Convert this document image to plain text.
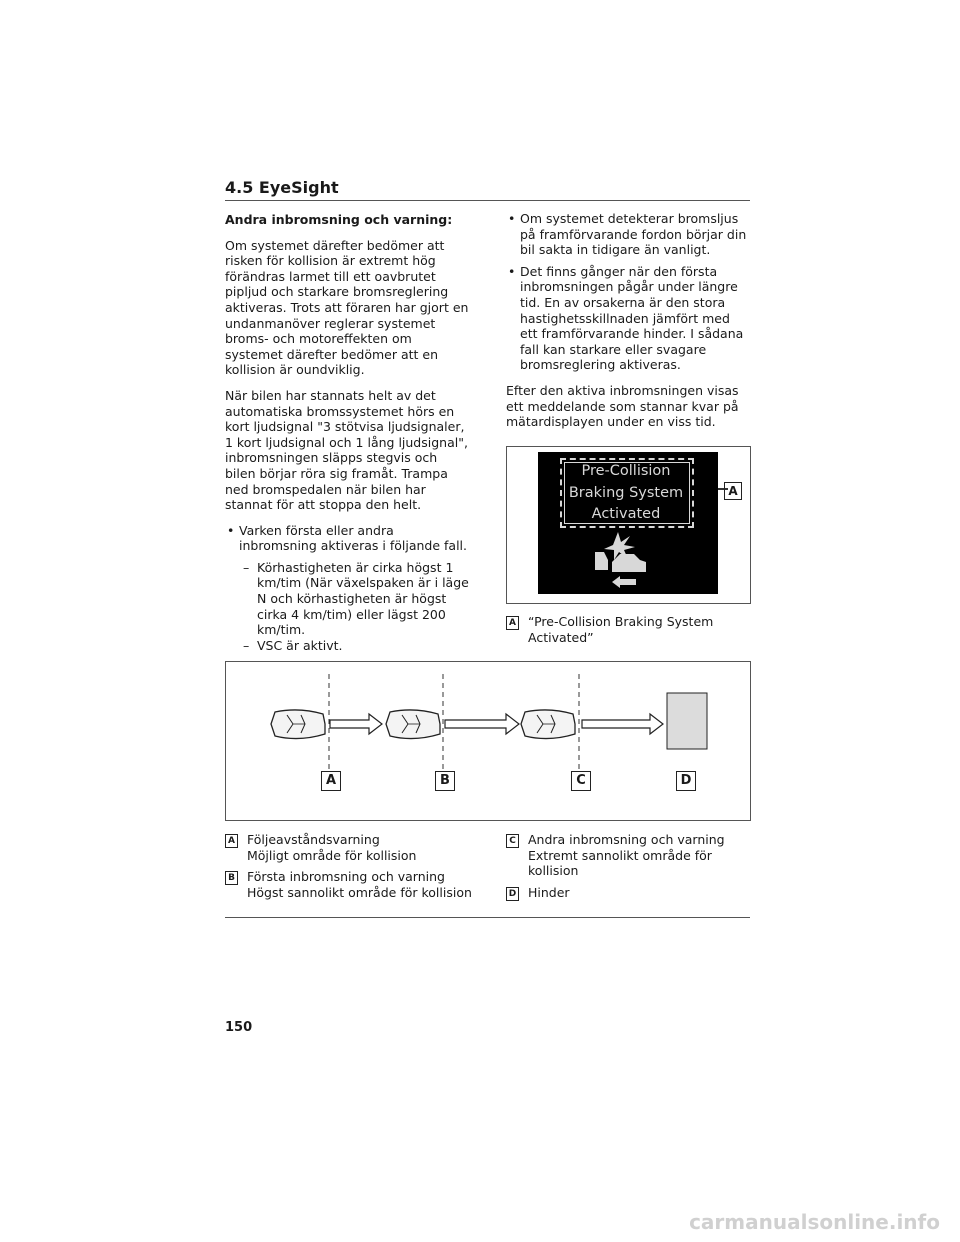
4.5 EyeSight
Andra inbromsning och varning:

Om systemet därefter bedömer att risken för kollision är extremt hög förändras larmet till ett oavbrutet pipljud och starkare bromsreglering aktiveras. Trots att föraren har gjort en undanmanöver reglerar systemet broms- och motoreffekten om systemet därefter bedömer att en kollision är oundviklig.

När bilen har stannats helt av det automatiska bromssystemet hörs en kort ljudsignal "3 stötvisa ljudsignaler, 1 kort ljudsignal och 1 lång ljudsignal", inbromsningen släpps stegvis och bilen börjar röra sig framåt. Trampa ned bromspedalen när bilen har stannat för att stoppa den helt.

• Varken första eller andra inbromsning aktiveras i följande fall.
– Körhastigheten är cirka högst 1 km/tim (När växelspaken är i läge N och körhastigheten är högst cirka 4 km/tim) eller lägst 200 km/tim.
– VSC är aktivt.
• Om systemet detekterar bromsljus på framförvarande fordon börjar din bil sakta in tidigare än vanligt.
• Det finns gånger när den första inbromsningen pågår under längre tid. En av orsakerna är den stora hastighetsskillnaden jämfört med ett framförvarande hinder. I sådana fall kan starkare eller svagare bromsreglering aktiveras.

Efter den aktiva inbromsningen visas ett meddelande som stannar kvar på mätardisplayen under en viss tid.

Pre-Collision
Braking System
Activated
A
A “Pre-Collision Braking System Activated”
A	B	C	D
A Följeavståndsvarning
Möjligt område för kollision
B Första inbromsning och varning
Högst sannolikt område för kollision
C Andra inbromsning och varning
Extremt sannolikt område för
kollision
D Hinder
150
carmanualsonline.info
